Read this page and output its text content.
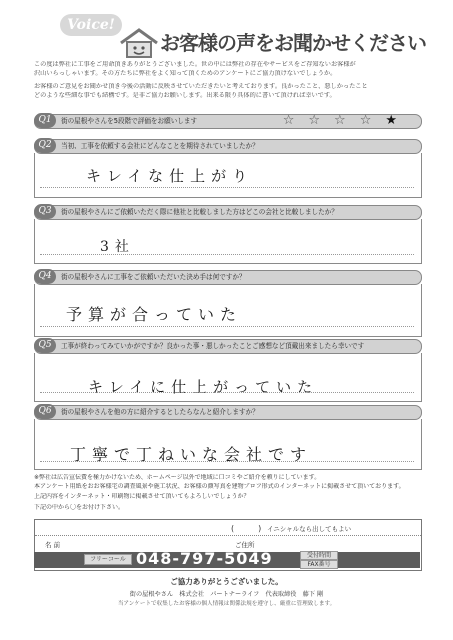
Voice!
お客様の声をお聞かせください
この度は弊社に工事をご用命頂きありがとうございました。世の中には弊社の存在やサービスをご存知ないお客様が
沢山いらっしゃいます。その方たちに弊社をよく知って頂くためのアンケートにご協力頂けないでしょうか。
お客様のご意見をお聞かせ頂き今後の活動に反映させていただきたいと考えております。良かったこと、悪しかったこと
どのような些細な事でも結構です。是非ご協力お願いします。出来る限り具体的に書いて頂ければ幸いです。
Q1	街の屋根やさんを5段階で評価をお願いします	☆☆☆☆★
Q2	当初、工事を依頼する会社にどんなことを期待されていましたか？
キレイな仕上がり
Q3	街の屋根やさんにご依頼いただく際に他社と比較しました方はどこの会社と比較しましたか？
3社
Q4	街の屋根やさんに工事をご依頼いただいた決め手は何ですか？
予算が合っていた
Q5	工事が終わってみていかがですか？良かった事・悪しかったことご感想など頂戴出来ましたら幸いです
キレイに仕上がっていた
Q6	街の屋根やさんを他の方に紹介するとしたらなんと紹介しますか？
丁寧で丁ねいな会社です
※弊社は広告宣伝費を極力かけないため、ホームページ以外で地域に口コミやご紹介を頼りにしています。
本アンケート用紙をおお客様宅の調査風景や施工状況、お客様の顔写真を建物プロフ形式のインターネットに掲載させて頂いております。
上記内容をインターネット・印刷物に掲載させて頂いてもよろしいでしょうか？
下記の中から〇をお付け下さい。
(　　　) イニシャルなら出してもよい
名 前	ご住所
フリーコール 048-797-5049	受付時間
FAX番号
ご協力ありがとうございました。
街の屋根やさん　株式会社　パートナーライフ　代表取締役　藤下 剛
当アンケートで収集したお客様の個人情報は関係法規を遵守し、厳重に管理致します。
